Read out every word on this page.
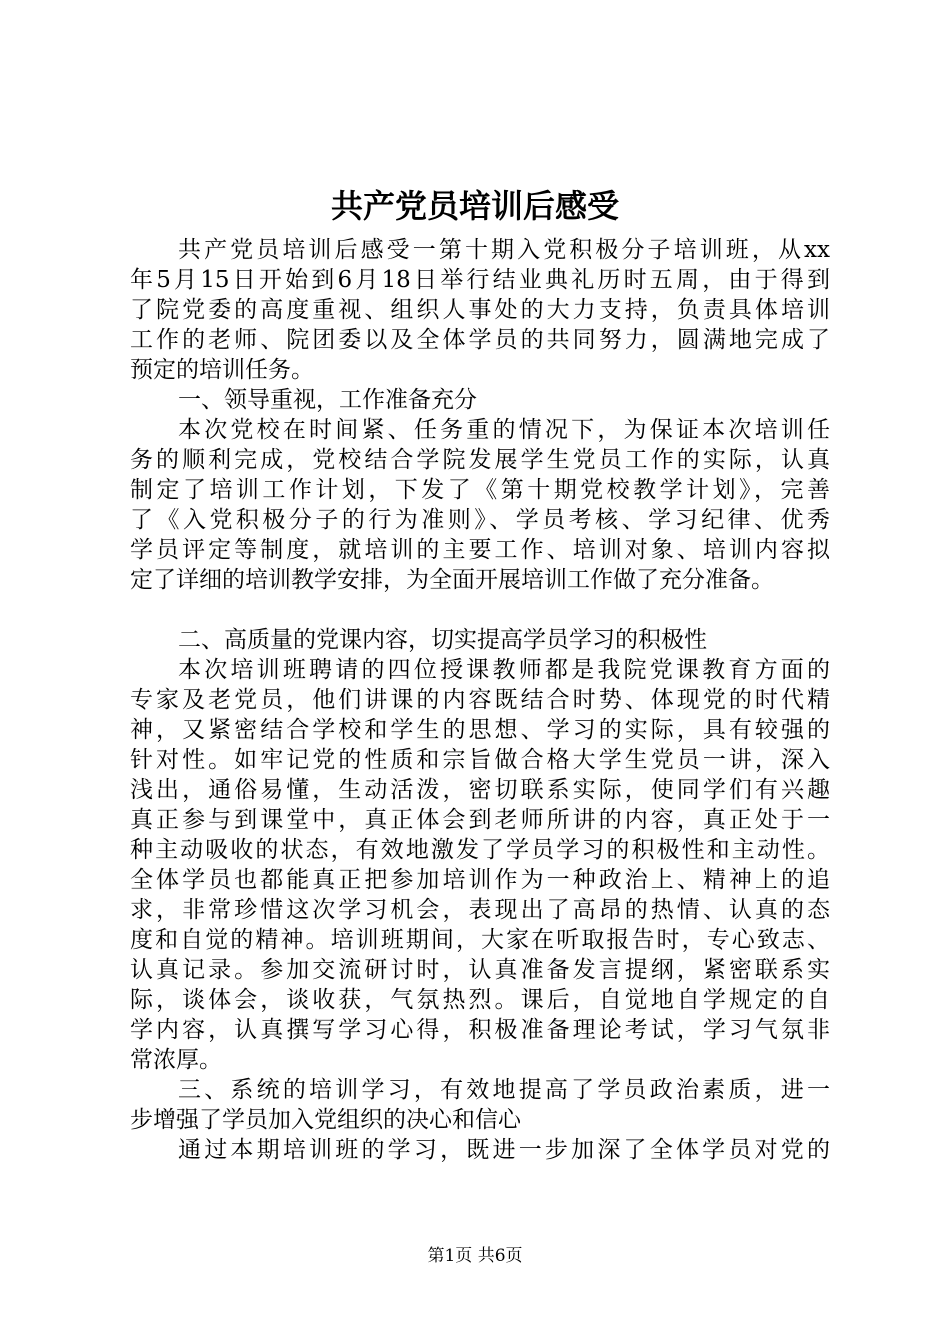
共产党员培训后感受
共产党员培训后感受一第十期入党积极分子培训班，从xx
年5月15日开始到6月18日举行结业典礼历时五周，由于得到
了院党委的高度重视、组织人事处的大力支持，负责具体培训
工作的老师、院团委以及全体学员的共同努力，圆满地完成了
预定的培训任务。
一、领导重视，工作准备充分
本次党校在时间紧、任务重的情况下，为保证本次培训任
务的顺利完成，党校结合学院发展学生党员工作的实际，认真
制定了培训工作计划，下发了《第十期党校教学计划》，完善
了《入党积极分子的行为准则》、学员考核、学习纪律、优秀
学员评定等制度，就培训的主要工作、培训对象、培训内容拟
定了详细的培训教学安排，为全面开展培训工作做了充分准备。
二、高质量的党课内容，切实提高学员学习的积极性
本次培训班聘请的四位授课教师都是我院党课教育方面的
专家及老党员，他们讲课的内容既结合时势、体现党的时代精
神，又紧密结合学校和学生的思想、学习的实际，具有较强的
针对性。如牢记党的性质和宗旨做合格大学生党员一讲，深入
浅出，通俗易懂，生动活泼，密切联系实际，使同学们有兴趣
真正参与到课堂中，真正体会到老师所讲的内容，真正处于一
种主动吸收的状态，有效地激发了学员学习的积极性和主动性。
全体学员也都能真正把参加培训作为一种政治上、精神上的追
求，非常珍惜这次学习机会，表现出了高昂的热情、认真的态
度和自觉的精神。培训班期间，大家在听取报告时，专心致志、
认真记录。参加交流研讨时，认真准备发言提纲，紧密联系实
际，谈体会，谈收获，气氛热烈。课后，自觉地自学规定的自
学内容，认真撰写学习心得，积极准备理论考试，学习气氛非
常浓厚。
三、系统的培训学习，有效地提高了学员政治素质，进一
步增强了学员加入党组织的决心和信心
通过本期培训班的学习，既进一步加深了全体学员对党的
第1页 共6页
